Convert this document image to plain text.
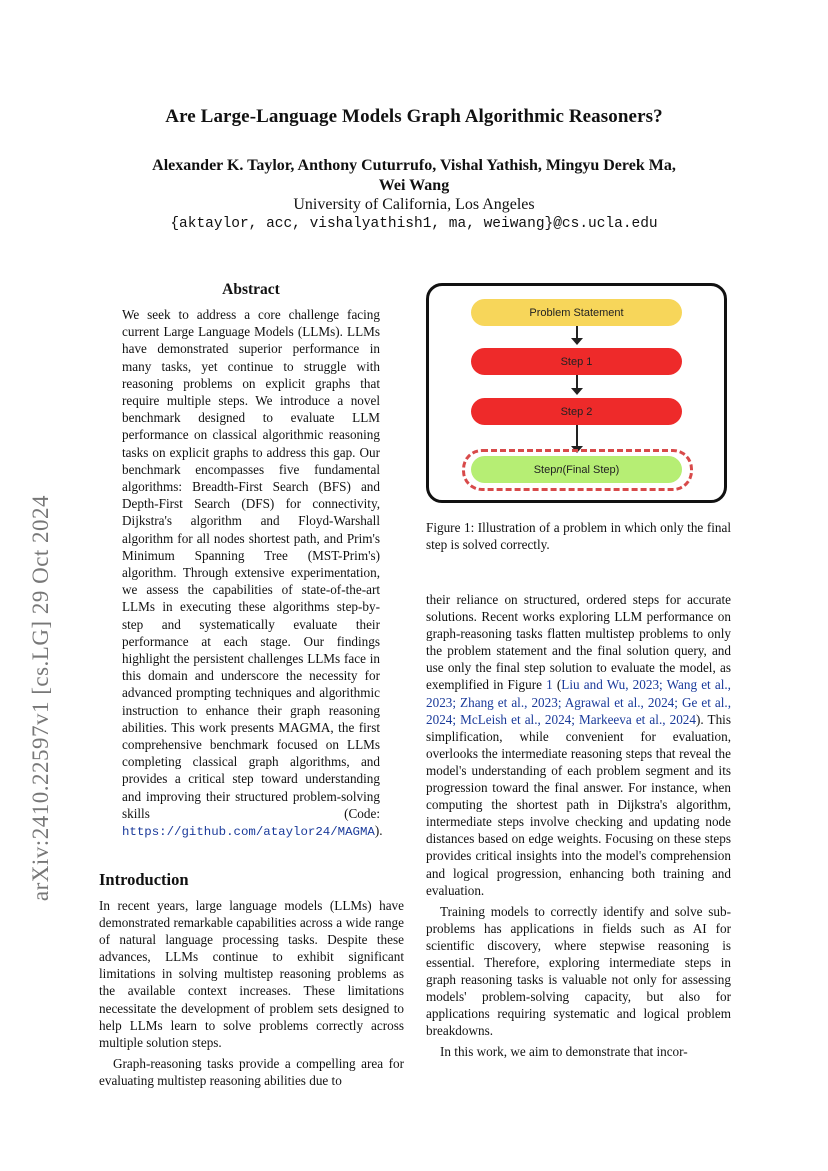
arXiv:2410.22597v1 [cs.LG] 29 Oct 2024
Are Large-Language Models Graph Algorithmic Reasoners?
Alexander K. Taylor, Anthony Cuturrufo, Vishal Yathish, Mingyu Derek Ma,
Wei Wang
University of California, Los Angeles
{aktaylor, acc, vishalyathish1, ma, weiwang}@cs.ucla.edu
Abstract
We seek to address a core challenge facing current Large Language Models (LLMs). LLMs have demonstrated superior performance in many tasks, yet continue to struggle with reasoning problems on explicit graphs that require multiple steps. We introduce a novel benchmark designed to evaluate LLM performance on classical algorithmic reasoning tasks on explicit graphs to address this gap. Our benchmark encompasses five fundamental algorithms: Breadth-First Search (BFS) and Depth-First Search (DFS) for connectivity, Dijkstra's algorithm and Floyd-Warshall algorithm for all nodes shortest path, and Prim's Minimum Spanning Tree (MST-Prim's) algorithm. Through extensive experimentation, we assess the capabilities of state-of-the-art LLMs in executing these algorithms step-by-step and systematically evaluate their performance at each stage. Our findings highlight the persistent challenges LLMs face in this domain and underscore the necessity for advanced prompting techniques and algorithmic instruction to enhance their graph reasoning abilities. This work presents MAGMA, the first comprehensive benchmark focused on LLMs completing classical graph algorithms, and provides a critical step toward understanding and improving their structured problem-solving skills (Code: https://github.com/ataylor24/MAGMA).
Introduction

In recent years, large language models (LLMs) have demonstrated remarkable capabilities across a wide range of natural language processing tasks. Despite these advances, LLMs continue to exhibit significant limitations in solving multistep reasoning problems as the available context increases. These limitations necessitate the development of problem sets designed to help LLMs learn to solve problems correctly across multiple solution steps.

Graph-reasoning tasks provide a compelling area for evaluating multistep reasoning abilities due to

Problem Statement
Step 1
Step 2
Step n (Final Step)
Figure 1: Illustration of a problem in which only the final step is solved correctly.

their reliance on structured, ordered steps for accurate solutions. Recent works exploring LLM performance on graph-reasoning tasks flatten multistep problems to only the problem statement and the final solution query, and use only the final step solution to evaluate the model, as exemplified in Figure 1 (Liu and Wu, 2023; Wang et al., 2023; Zhang et al., 2023; Agrawal et al., 2024; Ge et al., 2024; McLeish et al., 2024; Markeeva et al., 2024). This simplification, while convenient for evaluation, overlooks the intermediate reasoning steps that reveal the model's understanding of each problem segment and its progression toward the final answer. For instance, when computing the shortest path in Dijkstra's algorithm, intermediate steps involve checking and updating node distances based on edge weights. Focusing on these steps provides critical insights into the model's comprehension and logical progression, enhancing both training and evaluation.

Training models to correctly identify and solve sub-problems has applications in fields such as AI for scientific discovery, where stepwise reasoning is essential. Therefore, exploring intermediate steps in graph reasoning tasks is valuable not only for assessing models' problem-solving capacity, but also for applications requiring systematic and logical problem breakdowns.

In this work, we aim to demonstrate that incor-
